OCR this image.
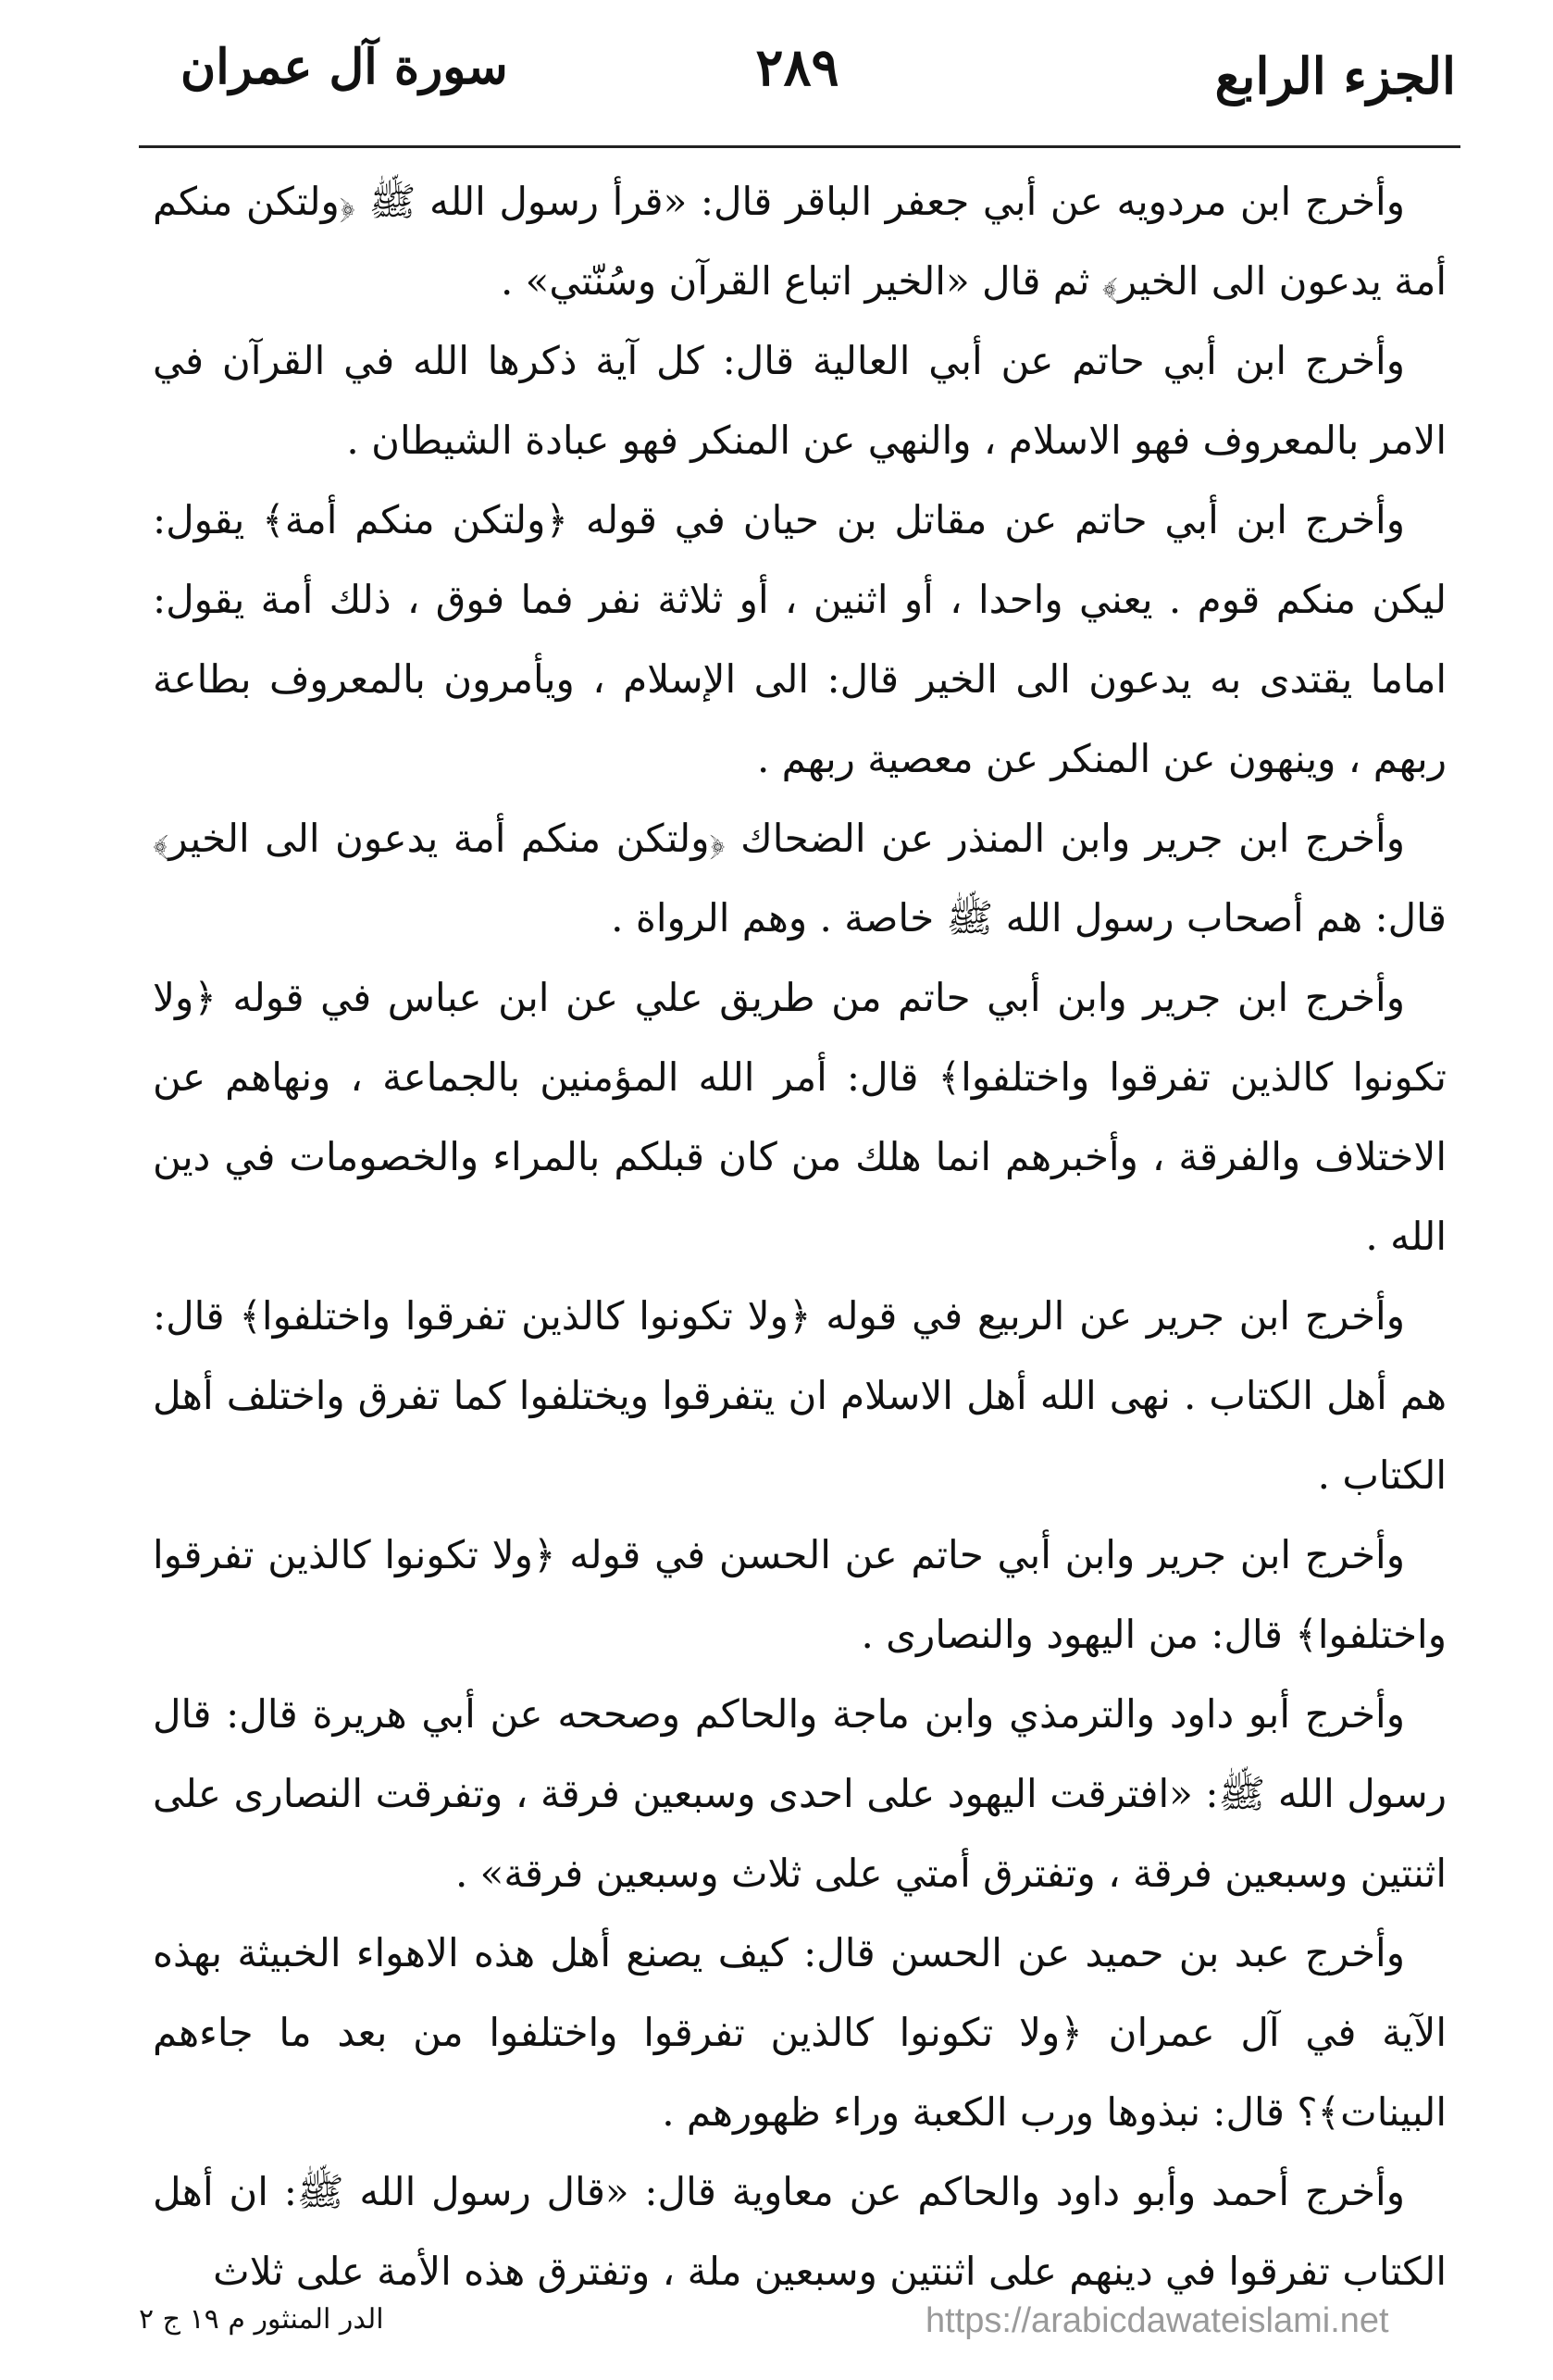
الجزء الرابع
٢٨٩
سورة آل عمران

وأخرج ابن مردويه عن أبي جعفر الباقر قال: «قرأ رسول الله ﷺ ﴿ولتكن منكم أمة يدعون الى الخير﴾ ثم قال «الخير اتباع القرآن وسُنّتي» .

وأخرج ابن أبي حاتم عن أبي العالية قال: كل آية ذكرها الله في القرآن في الامر بالمعروف فهو الاسلام ، والنهي عن المنكر فهو عبادة الشيطان .

وأخرج ابن أبي حاتم عن مقاتل بن حيان في قوله ﴿ولتكن منكم أمة﴾ يقول: ليكن منكم قوم . يعني واحدا ، أو اثنين ، أو ثلاثة نفر فما فوق ، ذلك أمة يقول: اماما يقتدى به يدعون الى الخير قال: الى الإسلام ، ويأمرون بالمعروف بطاعة ربهم ، وينهون عن المنكر عن معصية ربهم .

وأخرج ابن جرير وابن المنذر عن الضحاك ﴿ولتكن منكم أمة يدعون الى الخير﴾ قال: هم أصحاب رسول الله ﷺ خاصة . وهم الرواة .

وأخرج ابن جرير وابن أبي حاتم من طريق علي عن ابن عباس في قوله ﴿ولا تكونوا كالذين تفرقوا واختلفوا﴾ قال: أمر الله المؤمنين بالجماعة ، ونهاهم عن الاختلاف والفرقة ، وأخبرهم انما هلك من كان قبلكم بالمراء والخصومات في دين الله .

وأخرج ابن جرير عن الربيع في قوله ﴿ولا تكونوا كالذين تفرقوا واختلفوا﴾ قال: هم أهل الكتاب . نهى الله أهل الاسلام ان يتفرقوا ويختلفوا كما تفرق واختلف أهل الكتاب .

وأخرج ابن جرير وابن أبي حاتم عن الحسن في قوله ﴿ولا تكونوا كالذين تفرقوا واختلفوا﴾ قال: من اليهود والنصارى .

وأخرج أبو داود والترمذي وابن ماجة والحاكم وصححه عن أبي هريرة قال: قال رسول الله ﷺ: «افترقت اليهود على احدى وسبعين فرقة ، وتفرقت النصارى على اثنتين وسبعين فرقة ، وتفترق أمتي على ثلاث وسبعين فرقة» .

وأخرج عبد بن حميد عن الحسن قال: كيف يصنع أهل هذه الاهواء الخبيثة بهذه الآية في آل عمران ﴿ولا تكونوا كالذين تفرقوا واختلفوا من بعد ما جاءهم البينات﴾؟ قال: نبذوها ورب الكعبة وراء ظهورهم .

وأخرج أحمد وأبو داود والحاكم عن معاوية قال: «قال رسول الله ﷺ: ان أهل الكتاب تفرقوا في دينهم على اثنتين وسبعين ملة ، وتفترق هذه الأمة على ثلاث

الدر المنثور م ١٩ ج ٢	https://arabicdawateislami.net
